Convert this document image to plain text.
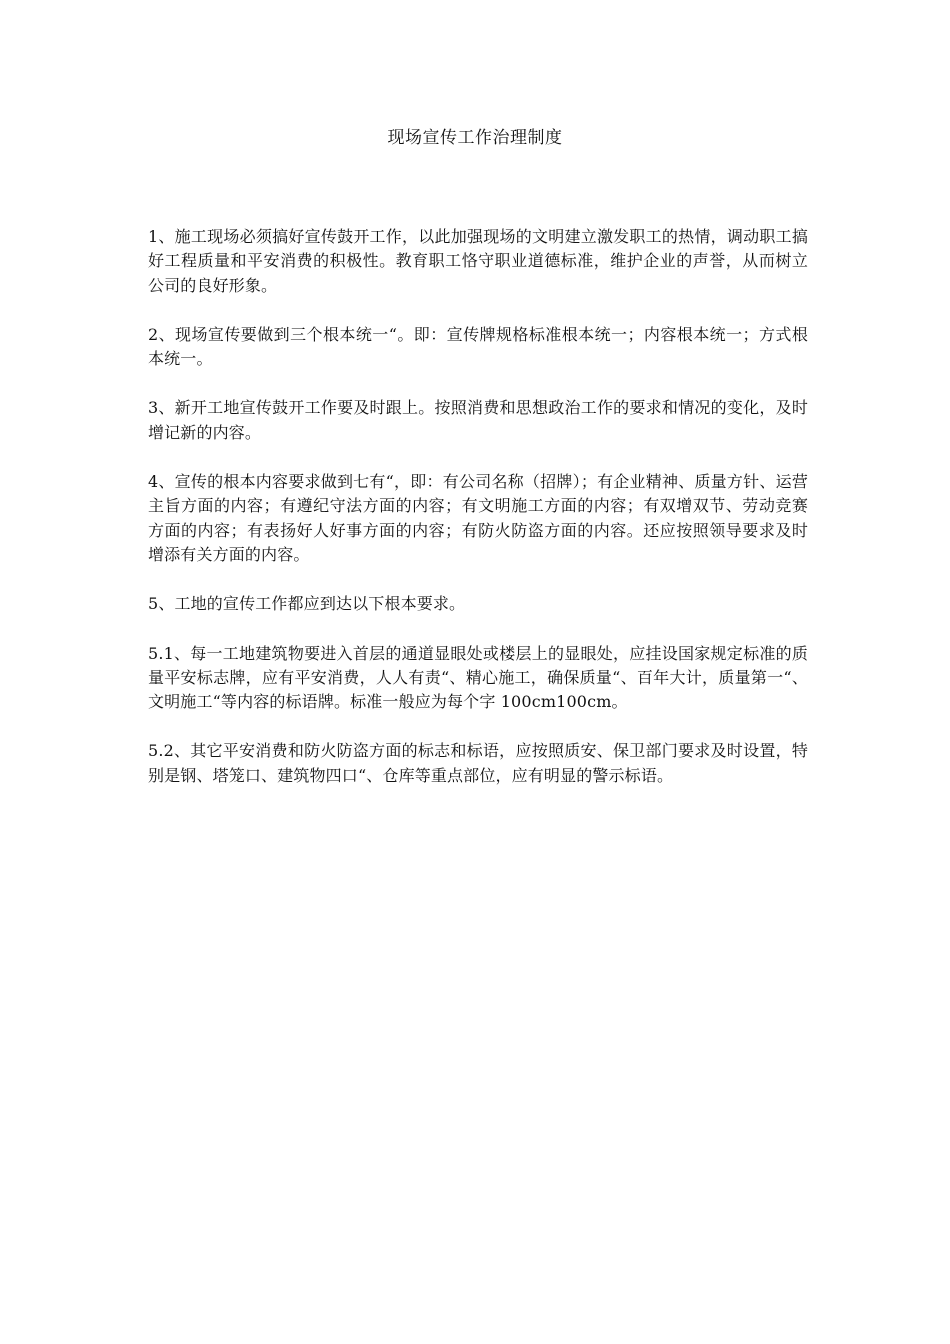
现场宣传工作治理制度

1、施工现场必须搞好宣传鼓开工作，以此加强现场的文明建立激发职工的热情，调动职工搞好工程质量和平安消费的积极性。教育职工恪守职业道德标准，维护企业的声誉，从而树立公司的良好形象。

2、现场宣传要做到三个根本统一“。即：宣传牌规格标准根本统一；内容根本统一；方式根本统一。

3、新开工地宣传鼓开工作要及时跟上。按照消费和思想政治工作的要求和情况的变化，及时增记新的内容。

4、宣传的根本内容要求做到七有“，即：有公司名称（招牌）；有企业精神、质量方针、运营主旨方面的内容；有遵纪守法方面的内容；有文明施工方面的内容；有双增双节、劳动竞赛方面的内容；有表扬好人好事方面的内容；有防火防盗方面的内容。还应按照领导要求及时增添有关方面的内容。

5、工地的宣传工作都应到达以下根本要求。

5.1、每一工地建筑物要进入首层的通道显眼处或楼层上的显眼处，应挂设国家规定标准的质量平安标志牌，应有平安消费，人人有责“、精心施工，确保质量“、百年大计，质量第一“、文明施工“等内容的标语牌。标准一般应为每个字 100cm100cm。

5.2、其它平安消费和防火防盗方面的标志和标语，应按照质安、保卫部门要求及时设置，特别是钢、塔笼口、建筑物四口“、仓库等重点部位，应有明显的警示标语。
